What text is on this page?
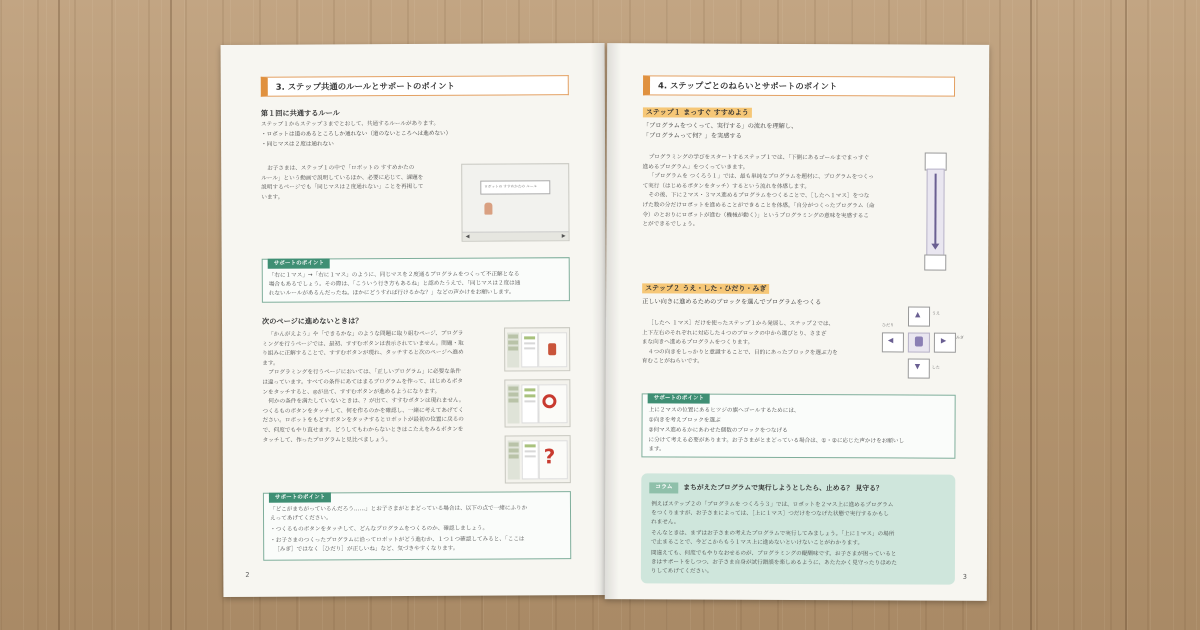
3. ステップ共通のルールとサポートのポイント
第１回に共通するルール
ステップ１からステップ３までとおして、共通するルールがあります。
・ロボットは道のあるところしか通れない（道のないところへは進めない）
・同じマスは２度は通れない
お子さまは、ステップ１の中で「ロボットの すすめかたの
ルール」という動画で説明しているほか、必要に応じて、課題を
説明するページでも「同じマスは２度通れない」ことを再掲して
います。
ロボットの すすめかたの ルール
◀	▶
サポートのポイント
「右に１マス」→「右に１マス」のように、同じマスを２度通るプログラムをつくって不正解となる
場合もあるでしょう。その際は、「こういう行き方もあるね」と認めたうえで、「同じマスは２度は通
れないルールがあるんだったね。ほかにどうすれば行けるかな？」などの声かけをお願いします。
次のページに進めないときは？
「かんがえよう」や「できるかな」のような問題に取り組むページ、プログラ
ミングを行うページでは、最初、すすむボタンは表示されていません。問題・取
り組みに正解することで、すすむボタンが現れ、タッチすると次のページへ進め
ます。
プログラミングを行うページにおいては、「正しいプログラム」に必要な条件
は違っています。すべての条件にあてはまるプログラムを作って、はじめるボタ
ンをタッチすると、◎が出て、すすむボタンが進めるようになります。
何かの条件を満たしていないときは、？が出て、すすむボタンは現れません。
つくるものボタンをタッチして、何を作るのかを確認し、一緒に考えてあげてく
ださい。ロボットをもどすボタンをタッチするとロボットが最初の位置に戻るの
で、何度でもやり直せます。どうしてもわからないときはこたえをみるボタンを
タッチして、作ったプログラムと見比べましょう。
?
サポートのポイント
「どこがまちがっているんだろう……」とお子さまがとまどっている場合は、以下の点で一緒にふりか
えってあげてください。
・つくるものボタンをタッチして、どんなプログラムをつくるのか、確認しましょう。
・お子さまのつくったプログラムに沿ってロボットがどう進むか、１つ１つ確認してみると、「ここは
［みぎ］ではなく［ひだり］が正しいね」など、気づきやすくなります。
2
4. ステップごとのねらいとサポートのポイント
ステップ１ まっすぐ すすめよう
「プログラムをつくって、実行する」の流れを理解し、
「プログラムって何？」を実感する
プログラミングの学びをスタートするステップ１では、「下側にあるゴールまでまっすぐ
進めるプログラム」をつくっていきます。
「プログラムを つくろう１」では、最も単純なプログラムを題材に、プログラムをつくっ
て実行（はじめるボタンをタッチ）するという流れを体感します。
その後、下に２マス・３マス進めるプログラムをつくることで、［したへ１マス］をつな
げた数の分だけロボットを進めることができることを体感。「自分がつくったプログラム（命
令）のとおりにロボットが進む（機械が動く）」というプログラミングの意味を実感するこ
とができるでしょう。
ステップ２ うえ・した・ひだり・みぎ
正しい向きに進めるためのブロックを選んでプログラムをつくる
［したへ １マス］だけを使ったステップ１から発展し、ステップ２では、
上下左右のそれぞれに対応した４つのブロックの中から選びとり、さまざ
まな向きへ進めるプログラムをつくります。
４つの向きをしっかりと意識することで、目的にあったブロックを選ぶ力を
育むことがねらいです。
▲
◀	▶
▼
うえ
した
ひだり
みぎ
サポートのポイント
上に２マスの位置にあるヒツジの旗へゴールするためには、
①向きを考えブロックを選ぶ
②何マス進めるかにあわせた個数のブロックをつなげる
に分けて考える必要があります。お子さまがとまどっている場合は、①・②に応じた声かけをお願いし
ます。
コラム	まちがえたプログラムで実行しようとしたら、止める？ 見守る？
例えばステップ２の「プログラムを つくろう３」では、ロボットを２マス上に進めるプログラム
をつくりますが、お子さまによっては、［上に１マス］つだけをつなげた状態で実行するかもし
れません。
そんなときは、まずはお子さまの考えたプログラムで実行してみましょう。「上に１マス」の場所
で止まることで、今どこからもう１マス上に進めないといけないことがわかります。
間違えても、何度でもやりなおせるのが、プログラミングの醍醐味です。お子さまが困っていると
きはサポートをしつつ、お子さま自身が試行錯誤を楽しめるように、あたたかく見守ったりほめた
りしてあげてください。
3
